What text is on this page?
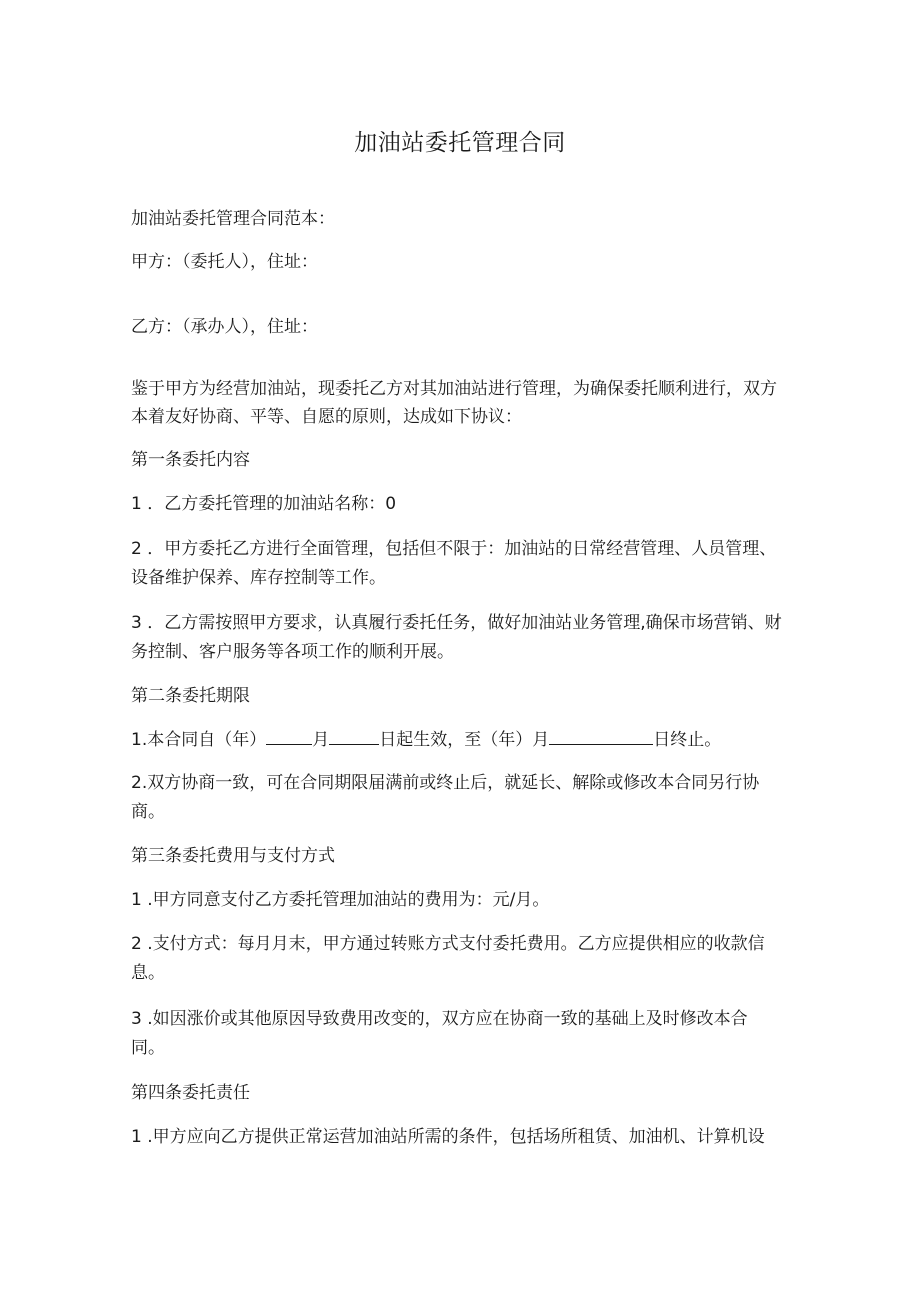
加油站委托管理合同
加油站委托管理合同范本：
甲方：（委托人），住址：
乙方：（承办人），住址：
鉴于甲方为经营加油站，现委托乙方对其加油站进行管理，为确保委托顺利进行，双方
本着友好协商、平等、自愿的原则，达成如下协议：
第一条委托内容
1 ．乙方委托管理的加油站名称：0
2 ．甲方委托乙方进行全面管理，包括但不限于：加油站的日常经营管理、人员管理、
设备维护保养、库存控制等工作。
3 ．乙方需按照甲方要求，认真履行委托任务，做好加油站业务管理,确保市场营销、财
务控制、客户服务等各项工作的顺利开展。
第二条委托期限
1.本合同自（年）	月	日起生效，至（年）月	日终止。
2.双方协商一致，可在合同期限届满前或终止后，就延长、解除或修改本合同另行协
商。
第三条委托费用与支付方式
1 .甲方同意支付乙方委托管理加油站的费用为：元/月。
2 .支付方式：每月月末，甲方通过转账方式支付委托费用。乙方应提供相应的收款信
息。
3 .如因涨价或其他原因导致费用改变的，双方应在协商一致的基础上及时修改本合
同。
第四条委托责任
1 .甲方应向乙方提供正常运营加油站所需的条件，包括场所租赁、加油机、计算机设
